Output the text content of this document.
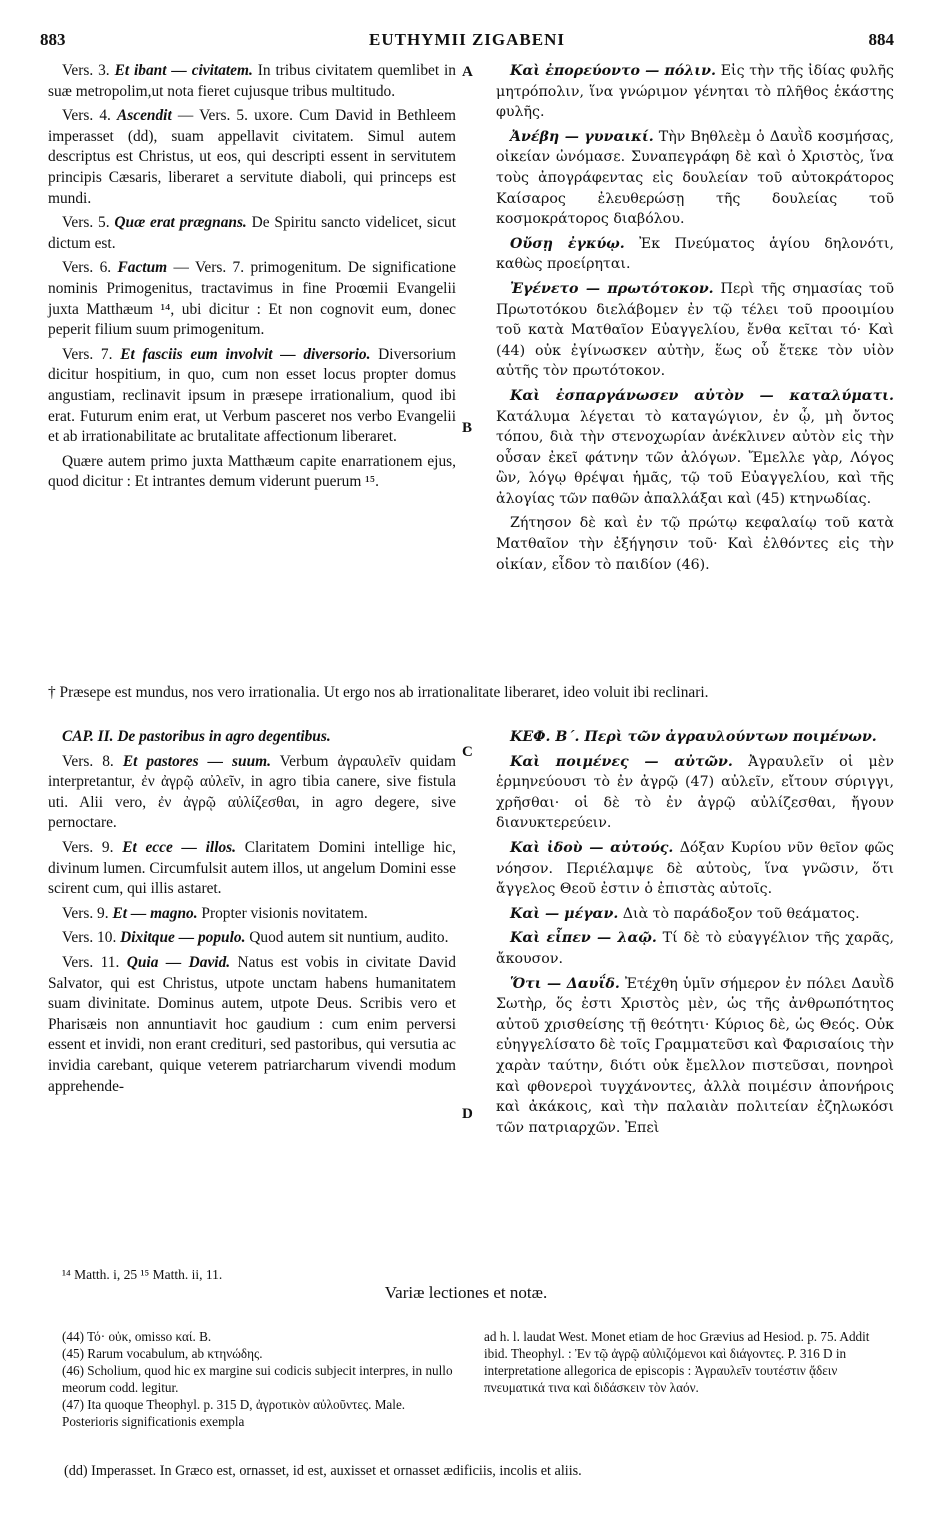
883	EUTHYMII ZIGABENI	884
Vers. 3. Et ibant — civitatem. In tribus civitatem quemlibet in suæ metropolim,ut nota fieret cujusque tribus multitudo.
Vers. 4. Ascendit — Vers. 5. uxore. Cum David in Bethleem imperasset (dd), suam appellavit civitatem. Simul autem descriptus est Christus, ut eos, qui descripti essent in servitutem principis Cæsaris, liberaret a servitute diaboli, qui princeps est mundi.
Vers. 5. Quæ erat prægnans. De Spiritu sancto videlicet, sicut dictum est.
Vers. 6. Factum — Vers. 7. primogenitum. De significatione nominis Primogenitus, tractavimus in fine Proœmii Evangelii juxta Matthæum ¹⁴, ubi dicitur : Et non cognovit eum, donec peperit filium suum primogenitum.
Vers. 7. Et fasciis eum involvit — diversorio. Diversorium dicitur hospitium, in quo, cum non esset locus propter domus angustiam, reclinavit ipsum in præsepe irrationalium, quod ibi erat. Futurum enim erat, ut Verbum pasceret nos verbo Evangelii et ab irrationabilitate ac brutalitate affectionum liberaret.
Quære autem primo juxta Matthæum capite enarrationem ejus, quod dicitur : Et intrantes demum viderunt puerum ¹⁵.
Καὶ ἐπορεύοντο — πόλιν. Εἰς τὴν τῆς ἰδίας φυλῆς μητρόπολιν, ἵνα γνώριμον γένηται τὸ πλῆθος ἑκάστης φυλῆς.
Ἀνέβη — γυναικί. Τὴν Βηθλεὲμ ὁ Δαυῒδ κοσμήσας, οἰκείαν ὠνόμασε. Συναπεγράφη δὲ καὶ ὁ Χριστὸς, ἵνα τοὺς ἀπογράφεντας εἰς δουλείαν τοῦ αὐτοκράτορος Καίσαρος ἐλευθερώσῃ τῆς δουλείας τοῦ κοσμοκράτορος διαβόλου.
Οὔσῃ ἐγκύῳ. Ἐκ Πνεύματος ἁγίου δηλονότι, καθὼς προείρηται.
Ἐγένετο — πρωτότοκον. Περὶ τῆς σημασίας τοῦ Πρωτοτόκου διελάβομεν ἐν τῷ τέλει τοῦ προοιμίου τοῦ κατὰ Ματθαῖον Εὐαγγελίου, ἔνθα κεῖται τό· Καὶ (44) οὐκ ἐγίνωσκεν αὐτὴν, ἕως οὗ ἔτεκε τὸν υἱὸν αὐτῆς τὸν πρωτότοκον.
Καὶ ἐσπαργάνωσεν αὐτὸν — καταλύματι. Κατάλυμα λέγεται τὸ καταγώγιον, ἐν ᾧ, μὴ ὄντος τόπου, διὰ τὴν στενοχωρίαν ἀνέκλινεν αὐτὸν εἰς τὴν οὖσαν ἐκεῖ φάτνην τῶν ἀλόγων. Ἔμελλε γὰρ, Λόγος ὢν, λόγῳ θρέψαι ἡμᾶς, τῷ τοῦ Εὐαγγελίου, καὶ τῆς ἀλογίας τῶν παθῶν ἀπαλλάξαι καὶ (45) κτηνωδίας.
Ζήτησον δὲ καὶ ἐν τῷ πρώτῳ κεφαλαίῳ τοῦ κατὰ Ματθαῖον τὴν ἐξήγησιν τοῦ· Καὶ ἐλθόντες εἰς τὴν οἰκίαν, εἶδον τὸ παιδίον (46).
† Præsepe est mundus, nos vero irrationalia. Ut ergo nos ab irrationalitate liberaret, ideo voluit ibi reclinari.
CAP. II. De pastoribus in agro degentibus.
Vers. 8. Et pastores — suum. Verbum ἀγραυλεῖν quidam interpretantur, ἐν ἀγρῷ αὐλεῖν, in agro tibia canere, sive fistula uti. Alii vero, ἐν ἀγρῷ αὐλίζεσθαι, in agro degere, sive pernoctare.
Vers. 9. Et ecce — illos. Claritatem Domini intellige hic, divinum lumen. Circumfulsit autem illos, ut angelum Domini esse scirent cum, qui illis astaret.
Vers. 9. Et — magno. Propter visionis novitatem.
Vers. 10. Dixitque — populo. Quod autem sit nuntium, audito.
Vers. 11. Quia — David. Natus est vobis in civitate David Salvator, qui est Christus, utpote unctam habens humanitatem suam divinitate. Dominus autem, utpote Deus. Scribis vero et Pharisæis non annuntiavit hoc gaudium : cum enim perversi essent et invidi, non erant credituri, sed pastoribus, qui versutia ac invidia carebant, quique veterem patriarcharum vivendi modum apprehende-
ΚΕΦ. Β΄. Περὶ τῶν ἀγραυλούντων ποιμένων.
Καὶ ποιμένες — αὐτῶν. Ἀγραυλεῖν οἱ μὲν ἑρμηνεύουσι τὸ ἐν ἀγρῷ (47) αὐλεῖν, εἴτουν σύριγγι, χρῆσθαι· οἱ δὲ τὸ ἐν ἀγρῷ αὐλίζεσθαι, ἤγουν διανυκτερεύειν.
Καὶ ἰδοὺ — αὐτούς. Δόξαν Κυρίου νῦν θεῖον φῶς νόησον. Περιέλαμψε δὲ αὐτοὺς, ἵνα γνῶσιν, ὅτι ἄγγελος Θεοῦ ἐστιν ὁ ἐπιστὰς αὐτοῖς.
Καὶ — μέγαν. Διὰ τὸ παράδοξον τοῦ θεάματος.
Καὶ εἶπεν — λαῷ. Τί δὲ τὸ εὐαγγέλιον τῆς χαρᾶς, ἄκουσον.
Ὅτι — Δαυΐδ. Ἐτέχθη ὑμῖν σήμερον ἐν πόλει Δαυῒδ Σωτὴρ, ὅς ἐστι Χριστὸς μὲν, ὡς τῆς ἀνθρωπότητος αὐτοῦ χρισθείσης τῇ θεότητι· Κύριος δὲ, ὡς Θεός. Οὐκ εὐηγγελίσατο δὲ τοῖς Γραμματεῦσι καὶ Φαρισαίοις τὴν χαρὰν ταύτην, διότι οὐκ ἔμελλον πιστεῦσαι, πονηροὶ καὶ φθονεροὶ τυγχάνοντες, ἀλλὰ ποιμέσιν ἀπονήροις καὶ ἀκάκοις, καὶ τὴν παλαιὰν πολιτείαν ἐζηλωκόσι τῶν πατριαρχῶν. Ἐπεὶ
A
B
C
D
¹⁴ Matth. i, 25 ¹⁵ Matth. ii, 11.
Variæ lectiones et notæ.
(44) Τό· οὐκ, omisso καί. B.
(45) Rarum vocabulum, ab κτηνώδης.
(46) Scholium, quod hic ex margine sui codicis subjecit interpres, in nullo meorum codd. legitur.
(47) Ita quoque Theophyl. p. 315 D, ἀγροτικὸν αὐλοῦντες. Male. Posterioris significationis exempla
ad h. l. laudat West. Monet etiam de hoc Grævius ad Hesiod. p. 75. Addit ibid. Theophyl. : Ἐν τῷ ἀγρῷ αὐλιζόμενοι καὶ διάγοντες. P. 316 D in interpretatione allegorica de episcopis : Ἀγραυλεῖν τουτέστιν ᾄδειν πνευματικά τινα καὶ διδάσκειν τὸν λαόν.
(dd) Imperasset. In Græco est, ornasset, id est, auxisset et ornasset ædificiis, incolis et aliis.
